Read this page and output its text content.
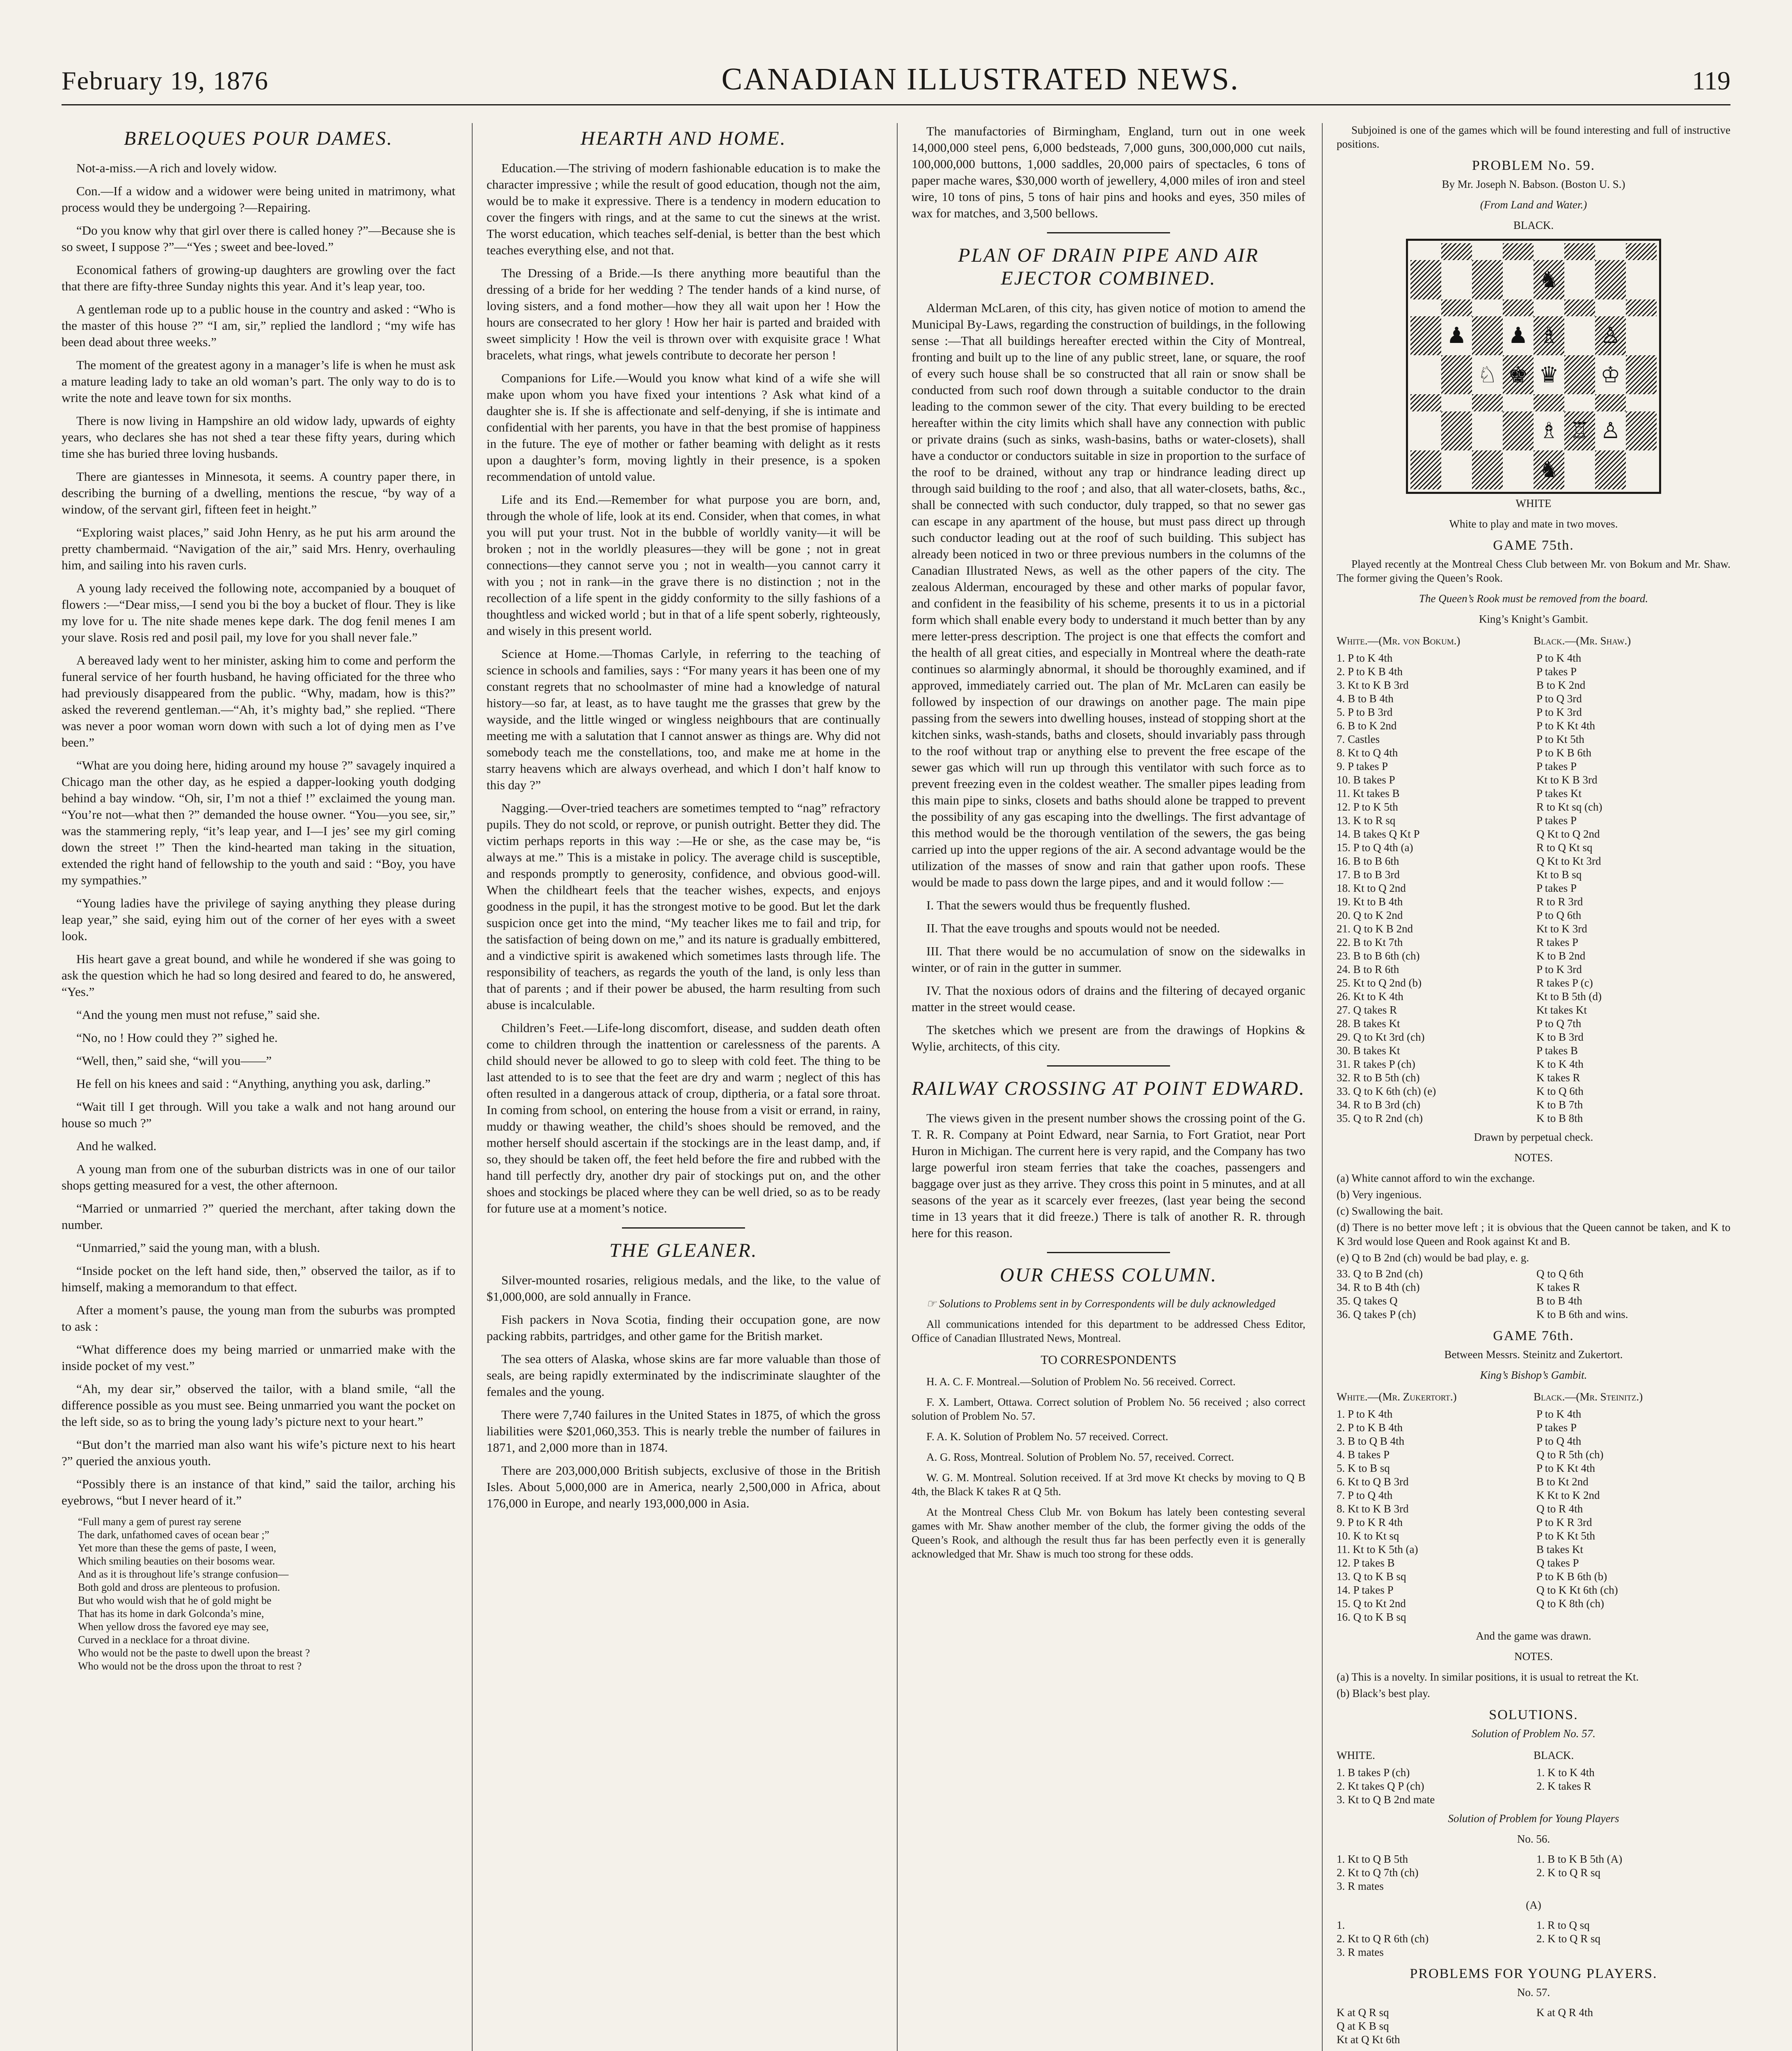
February 19, 1876	CANADIAN ILLUSTRATED NEWS.	119
BRELOQUES POUR DAMES.

Not-a-miss.—A rich and lovely widow.

Con.—If a widow and a widower were being united in matrimony, what process would they be undergoing ?—Repairing.

“Do you know why that girl over there is called honey ?”—Because she is so sweet, I suppose ?”—“Yes ; sweet and bee-loved.”

Economical fathers of growing-up daughters are growling over the fact that there are fifty-three Sunday nights this year. And it’s leap year, too.

A gentleman rode up to a public house in the country and asked : “Who is the master of this house ?” “I am, sir,” replied the landlord ; “my wife has been dead about three weeks.”

The moment of the greatest agony in a manager’s life is when he must ask a mature leading lady to take an old woman’s part. The only way to do is to write the note and leave town for six months.

There is now living in Hampshire an old widow lady, upwards of eighty years, who declares she has not shed a tear these fifty years, during which time she has buried three loving husbands.

There are giantesses in Minnesota, it seems. A country paper there, in describing the burning of a dwelling, mentions the rescue, “by way of a window, of the servant girl, fifteen feet in height.”

“Exploring waist places,” said John Henry, as he put his arm around the pretty chambermaid. “Navigation of the air,” said Mrs. Henry, overhauling him, and sailing into his raven curls.

A young lady received the following note, accompanied by a bouquet of flowers :—“Dear miss,—I send you bi the boy a bucket of flour. They is like my love for u. The nite shade menes kepe dark. The dog fenil menes I am your slave. Rosis red and posil pail, my love for you shall never fale.”

A bereaved lady went to her minister, asking him to come and perform the funeral service of her fourth husband, he having officiated for the three who had previously disappeared from the public. “Why, madam, how is this?” asked the reverend gentleman.—“Ah, it’s mighty bad,” she replied. “There was never a poor woman worn down with such a lot of dying men as I’ve been.”

“What are you doing here, hiding around my house ?” savagely inquired a Chicago man the other day, as he espied a dapper-looking youth dodging behind a bay window. “Oh, sir, I’m not a thief !” exclaimed the young man. “You’re not—what then ?” demanded the house owner. “You—you see, sir,” was the stammering reply, “it’s leap year, and I—I jes’ see my girl coming down the street !” Then the kind-hearted man taking in the situation, extended the right hand of fellowship to the youth and said : “Boy, you have my sympathies.”

“Young ladies have the privilege of saying anything they please during leap year,” she said, eying him out of the corner of her eyes with a sweet look.

His heart gave a great bound, and while he wondered if she was going to ask the question which he had so long desired and feared to do, he answered, “Yes.”

“And the young men must not refuse,” said she.

“No, no ! How could they ?” sighed he.

“Well, then,” said she, “will you——”

He fell on his knees and said : “Anything, anything you ask, darling.”

“Wait till I get through. Will you take a walk and not hang around our house so much ?”

And he walked.

A young man from one of the suburban districts was in one of our tailor shops getting measured for a vest, the other afternoon.

“Married or unmarried ?” queried the merchant, after taking down the number.

“Unmarried,” said the young man, with a blush.

“Inside pocket on the left hand side, then,” observed the tailor, as if to himself, making a memorandum to that effect.

After a moment’s pause, the young man from the suburbs was prompted to ask :

“What difference does my being married or unmarried make with the inside pocket of my vest.”

“Ah, my dear sir,” observed the tailor, with a bland smile, “all the difference possible as you must see. Being unmarried you want the pocket on the left side, so as to bring the young lady’s picture next to your heart.”

“But don’t the married man also want his wife’s picture next to his heart ?” queried the anxious youth.

“Possibly there is an instance of that kind,” said the tailor, arching his eyebrows, “but I never heard of it.”

“Full many a gem of purest ray serene
The dark, unfathomed caves of ocean bear ;”
Yet more than these the gems of paste, I ween,
Which smiling beauties on their bosoms wear.
And as it is throughout life’s strange confusion—
Both gold and dross are plenteous to profusion.
But who would wish that he of gold might be
That has its home in dark Golconda’s mine,
When yellow dross the favored eye may see,
Curved in a necklace for a throat divine.
Who would not be the paste to dwell upon the breast ?
Who would not be the dross upon the throat to rest ?
HEARTH AND HOME.

Education.—The striving of modern fashionable education is to make the character impressive ; while the result of good education, though not the aim, would be to make it expressive. There is a tendency in modern education to cover the fingers with rings, and at the same to cut the sinews at the wrist. The worst education, which teaches self-denial, is better than the best which teaches everything else, and not that.

The Dressing of a Bride.—Is there anything more beautiful than the dressing of a bride for her wedding ? The tender hands of a kind nurse, of loving sisters, and a fond mother—how they all wait upon her ! How the hours are consecrated to her glory ! How her hair is parted and braided with sweet simplicity ! How the veil is thrown over with exquisite grace ! What bracelets, what rings, what jewels contribute to decorate her person !

Companions for Life.—Would you know what kind of a wife she will make upon whom you have fixed your intentions ? Ask what kind of a daughter she is. If she is affectionate and self-denying, if she is intimate and confidential with her parents, you have in that the best promise of happiness in the future. The eye of mother or father beaming with delight as it rests upon a daughter’s form, moving lightly in their presence, is a spoken recommendation of untold value.

Life and its End.—Remember for what purpose you are born, and, through the whole of life, look at its end. Consider, when that comes, in what you will put your trust. Not in the bubble of worldly vanity—it will be broken ; not in the worldly pleasures—they will be gone ; not in great connections—they cannot serve you ; not in wealth—you cannot carry it with you ; not in rank—in the grave there is no distinction ; not in the recollection of a life spent in the giddy conformity to the silly fashions of a thoughtless and wicked world ; but in that of a life spent soberly, righteously, and wisely in this present world.

Science at Home.—Thomas Carlyle, in referring to the teaching of science in schools and families, says : “For many years it has been one of my constant regrets that no schoolmaster of mine had a knowledge of natural history—so far, at least, as to have taught me the grasses that grew by the wayside, and the little winged or wingless neighbours that are continually meeting me with a salutation that I cannot answer as things are. Why did not somebody teach me the constellations, too, and make me at home in the starry heavens which are always overhead, and which I don’t half know to this day ?”

Nagging.—Over-tried teachers are sometimes tempted to “nag” refractory pupils. They do not scold, or reprove, or punish outright. Better they did. The victim perhaps reports in this way :—He or she, as the case may be, “is always at me.” This is a mistake in policy. The average child is susceptible, and responds promptly to generosity, confidence, and obvious good-will. When the childheart feels that the teacher wishes, expects, and enjoys goodness in the pupil, it has the strongest motive to be good. But let the dark suspicion once get into the mind, “My teacher likes me to fail and trip, for the satisfaction of being down on me,” and its nature is gradually embittered, and a vindictive spirit is awakened which sometimes lasts through life. The responsibility of teachers, as regards the youth of the land, is only less than that of parents ; and if their power be abused, the harm resulting from such abuse is incalculable.

Children’s Feet.—Life-long discomfort, disease, and sudden death often come to children through the inattention or carelessness of the parents. A child should never be allowed to go to sleep with cold feet. The thing to be last attended to is to see that the feet are dry and warm ; neglect of this has often resulted in a dangerous attack of croup, diptheria, or a fatal sore throat. In coming from school, on entering the house from a visit or errand, in rainy, muddy or thawing weather, the child’s shoes should be removed, and the mother herself should ascertain if the stockings are in the least damp, and, if so, they should be taken off, the feet held before the fire and rubbed with the hand till perfectly dry, another dry pair of stockings put on, and the other shoes and stockings be placed where they can be well dried, so as to be ready for future use at a moment’s notice.

THE GLEANER.

Silver-mounted rosaries, religious medals, and the like, to the value of $1,000,000, are sold annually in France.

Fish packers in Nova Scotia, finding their occupation gone, are now packing rabbits, partridges, and other game for the British market.

The sea otters of Alaska, whose skins are far more valuable than those of seals, are being rapidly exterminated by the indiscriminate slaughter of the females and the young.

There were 7,740 failures in the United States in 1875, of which the gross liabilities were $201,060,353. This is nearly treble the number of failures in 1871, and 2,000 more than in 1874.

There are 203,000,000 British subjects, exclusive of those in the British Isles. About 5,000,000 are in America, nearly 2,500,000 in Africa, about 176,000 in Europe, and nearly 193,000,000 in Asia.

The manufactories of Birmingham, England, turn out in one week 14,000,000 steel pens, 6,000 bedsteads, 7,000 guns, 300,000,000 cut nails, 100,000,000 buttons, 1,000 saddles, 20,000 pairs of spectacles, 6 tons of paper mache wares, $30,000 worth of jewellery, 4,000 miles of iron and steel wire, 10 tons of pins, 5 tons of hair pins and hooks and eyes, 350 miles of wax for matches, and 3,500 bellows.

PLAN OF DRAIN PIPE AND AIR EJECTOR COMBINED.

Alderman McLaren, of this city, has given notice of motion to amend the Municipal By-Laws, regarding the construction of buildings, in the following sense :—That all buildings hereafter erected within the City of Montreal, fronting and built up to the line of any public street, lane, or square, the roof of every such house shall be so constructed that all rain or snow shall be conducted from such roof down through a suitable conductor to the drain leading to the common sewer of the city. That every building to be erected hereafter within the city limits which shall have any connection with public or private drains (such as sinks, wash-basins, baths or water-closets), shall have a conductor or conductors suitable in size in proportion to the surface of the roof to be drained, without any trap or hindrance leading direct up through said building to the roof ; and also, that all water-closets, baths, &c., shall be connected with such conductor, duly trapped, so that no sewer gas can escape in any apartment of the house, but must pass direct up through such conductor leading out at the roof of such building. This subject has already been noticed in two or three previous numbers in the columns of the Canadian Illustrated News, as well as the other papers of the city. The zealous Alderman, encouraged by these and other marks of popular favor, and confident in the feasibility of his scheme, presents it to us in a pictorial form which shall enable every body to understand it much better than by any mere letter-press description. The project is one that effects the comfort and the health of all great cities, and especially in Montreal where the death-rate continues so alarmingly abnormal, it should be thoroughly examined, and if approved, immediately carried out. The plan of Mr. McLaren can easily be followed by inspection of our drawings on another page. The main pipe passing from the sewers into dwelling houses, instead of stopping short at the kitchen sinks, wash-stands, baths and closets, should invariably pass through to the roof without trap or anything else to prevent the free escape of the sewer gas which will run up through this ventilator with such force as to prevent freezing even in the coldest weather. The smaller pipes leading from this main pipe to sinks, closets and baths should alone be trapped to prevent the possibility of any gas escaping into the dwellings. The first advantage of this method would be the thorough ventilation of the sewers, the gas being carried up into the upper regions of the air. A second advantage would be the utilization of the masses of snow and rain that gather upon roofs. These would be made to pass down the large pipes, and and it would follow :—

I. That the sewers would thus be frequently flushed.

II. That the eave troughs and spouts would not be needed.

III. That there would be no accumulation of snow on the sidewalks in winter, or of rain in the gutter in summer.

IV. That the noxious odors of drains and the filtering of decayed organic matter in the street would cease.

The sketches which we present are from the drawings of Hopkins & Wylie, architects, of this city.

RAILWAY CROSSING AT POINT EDWARD.

The views given in the present number shows the crossing point of the G. T. R. R. Company at Point Edward, near Sarnia, to Fort Gratiot, near Port Huron in Michigan. The current here is very rapid, and the Company has two large powerful iron steam ferries that take the coaches, passengers and baggage over just as they arrive. They cross this point in 5 minutes, and at all seasons of the year as it scarcely ever freezes, (last year being the second time in 13 years that it did freeze.) There is talk of another R. R. through here for this reason.

OUR CHESS COLUMN.

☞ Solutions to Problems sent in by Correspondents will be duly acknowledged

All communications intended for this department to be addressed Chess Editor, Office of Canadian Illustrated News, Montreal.

TO CORRESPONDENTS

H. A. C. F. Montreal.—Solution of Problem No. 56 received. Correct.

F. X. Lambert, Ottawa. Correct solution of Problem No. 56 received ; also correct solution of Problem No. 57.

F. A. K. Solution of Problem No. 57 received. Correct.

A. G. Ross, Montreal. Solution of Problem No. 57, received. Correct.

W. G. M. Montreal. Solution received. If at 3rd move Kt checks by moving to Q B 4th, the Black K takes R at Q 5th.

At the Montreal Chess Club Mr. von Bokum has lately been contesting several games with Mr. Shaw another member of the club, the former giving the odds of the Queen’s Rook, and although the result thus far has been perfectly even it is generally acknowledged that Mr. Shaw is much too strong for these odds.

Subjoined is one of the games which will be found interesting and full of instructive positions.

PROBLEM No. 59.

By Mr. Joseph N. Babson. (Boston U. S.)

(From Land and Water.)

BLACK.

♞
♟ ♟ ♗ ♙
♘ ♚ ♛ ♔
♗ ♖ ♙
♞

WHITE

White to play and mate in two moves.

GAME 75th.

Played recently at the Montreal Chess Club between Mr. von Bokum and Mr. Shaw. The former giving the Queen’s Rook.

The Queen’s Rook must be removed from the board.

King’s Knight’s Gambit.

White.—(Mr. von Bokum.)	Black.—(Mr. Shaw.)
1. P to K 4th	P to K 4th
2. P to K B 4th	P takes P
3. Kt to K B 3rd	B to K 2nd
4. B to B 4th	P to Q 3rd
5. P to B 3rd	P to K 3rd
6. B to K 2nd	P to K Kt 4th
7. Castles	P to Kt 5th
8. Kt to Q 4th	P to K B 6th
9. P takes P	P takes P
10. B takes P	Kt to K B 3rd
11. Kt takes B	P takes Kt
12. P to K 5th	R to Kt sq (ch)
13. K to R sq	P takes P
14. B takes Q Kt P	Q Kt to Q 2nd
15. P to Q 4th (a)	R to Q Kt sq
16. B to B 6th	Q Kt to Kt 3rd
17. B to B 3rd	Kt to B sq
18. Kt to Q 2nd	P takes P
19. Kt to B 4th	R to R 3rd
20. Q to K 2nd	P to Q 6th
21. Q to K B 2nd	Kt to K 3rd
22. B to Kt 7th	R takes P
23. B to B 6th (ch)	K to B 2nd
24. B to R 6th	P to K 3rd
25. Kt to Q 2nd (b)	R takes P (c)
26. Kt to K 4th	Kt to B 5th (d)
27. Q takes R	Kt takes Kt
28. B takes Kt	P to Q 7th
29. Q to Kt 3rd (ch)	K to B 3rd
30. B takes Kt	P takes B
31. R takes P (ch)	K to K 4th
32. R to B 5th (ch)	K takes R
33. Q to K 6th (ch) (e)	K to Q 6th
34. R to B 3rd (ch)	K to B 7th
35. Q to R 2nd (ch)	K to B 8th

Drawn by perpetual check.

NOTES.

(a) White cannot afford to win the exchange.

(b) Very ingenious.

(c) Swallowing the bait.

(d) There is no better move left ; it is obvious that the Queen cannot be taken, and K to K 3rd would lose Queen and Rook against Kt and B.

(e) Q to B 2nd (ch) would be bad play, e. g.

33. Q to B 2nd (ch)	Q to Q 6th
34. R to B 4th (ch)	K takes R
35. Q takes Q	B to B 4th
36. Q takes P (ch)	K to B 6th and wins.

GAME 76th.

Between Messrs. Steinitz and Zukertort.

King’s Bishop’s Gambit.

White.—(Mr. Zukertort.)	Black.—(Mr. Steinitz.)
1. P to K 4th	P to K 4th
2. P to K B 4th	P takes P
3. B to Q B 4th	P to Q 4th
4. B takes P	Q to R 5th (ch)
5. K to B sq	P to K Kt 4th
6. Kt to Q B 3rd	B to Kt 2nd
7. P to Q 4th	K Kt to K 2nd
8. Kt to K B 3rd	Q to R 4th
9. P to K R 4th	P to K R 3rd
10. K to Kt sq	P to K Kt 5th
11. Kt to K 5th (a)	B takes Kt
12. P takes B	Q takes P
13. Q to K B sq	P to K B 6th (b)
14. P takes P	Q to K Kt 6th (ch)
15. Q to Kt 2nd	Q to K 8th (ch)
16. Q to K B sq

And the game was drawn.

NOTES.

(a) This is a novelty. In similar positions, it is usual to retreat the Kt.

(b) Black’s best play.

SOLUTIONS.

Solution of Problem No. 57.

WHITE.	BLACK.
1. B takes P (ch)	1. K to K 4th
2. Kt takes Q P (ch)	2. K takes R
3. Kt to Q B 2nd mate

Solution of Problem for Young Players

No. 56.

1. Kt to Q B 5th	1. B to K B 5th (A)
2. Kt to Q 7th (ch)	2. K to Q R sq
3. R mates

(A)

1.	1. R to Q sq
2. Kt to Q R 6th (ch)	2. K to Q R sq
3. R mates

PROBLEMS FOR YOUNG PLAYERS.

No. 57.

K at Q R sq	K at Q R 4th
Q at K B sq
Kt at Q Kt 6th
